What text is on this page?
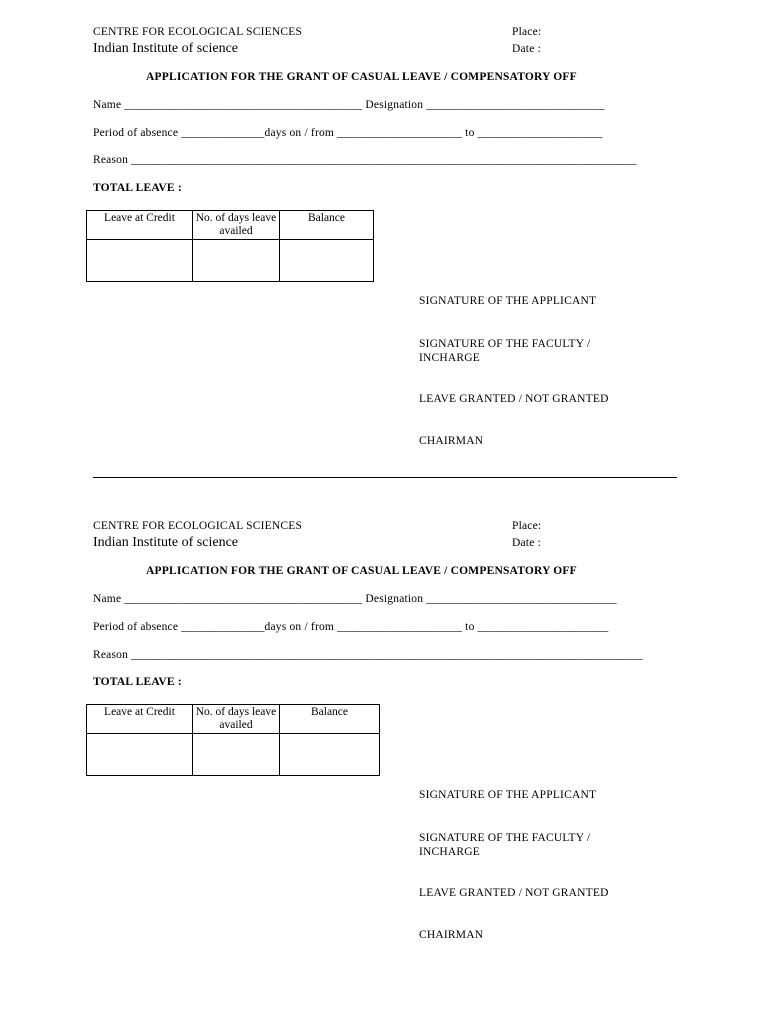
CENTRE FOR ECOLOGICAL SCIENCES
Indian Institute of science
Place:
Date :
APPLICATION FOR THE GRANT OF CASUAL LEAVE / COMPENSATORY OFF
Name ________________________________________ Designation ______________________________
Period of absence ______________days on / from _____________________ to _____________________
Reason _____________________________________________________________________________________
TOTAL LEAVE :
Leave at Credit	No. of days leave availed	Balance

SIGNATURE OF THE APPLICANT
SIGNATURE OF THE FACULTY / INCHARGE
LEAVE GRANTED / NOT GRANTED
CHAIRMAN
CENTRE FOR ECOLOGICAL SCIENCES
Indian Institute of science
Place:
Date :
APPLICATION FOR THE GRANT OF CASUAL LEAVE / COMPENSATORY OFF
Name ________________________________________ Designation ________________________________
Period of absence ______________days on / from _____________________ to ______________________
Reason ______________________________________________________________________________________
TOTAL LEAVE :
Leave at Credit	No. of days leave availed	Balance

SIGNATURE OF THE APPLICANT
SIGNATURE OF THE FACULTY / INCHARGE
LEAVE GRANTED / NOT GRANTED
CHAIRMAN
